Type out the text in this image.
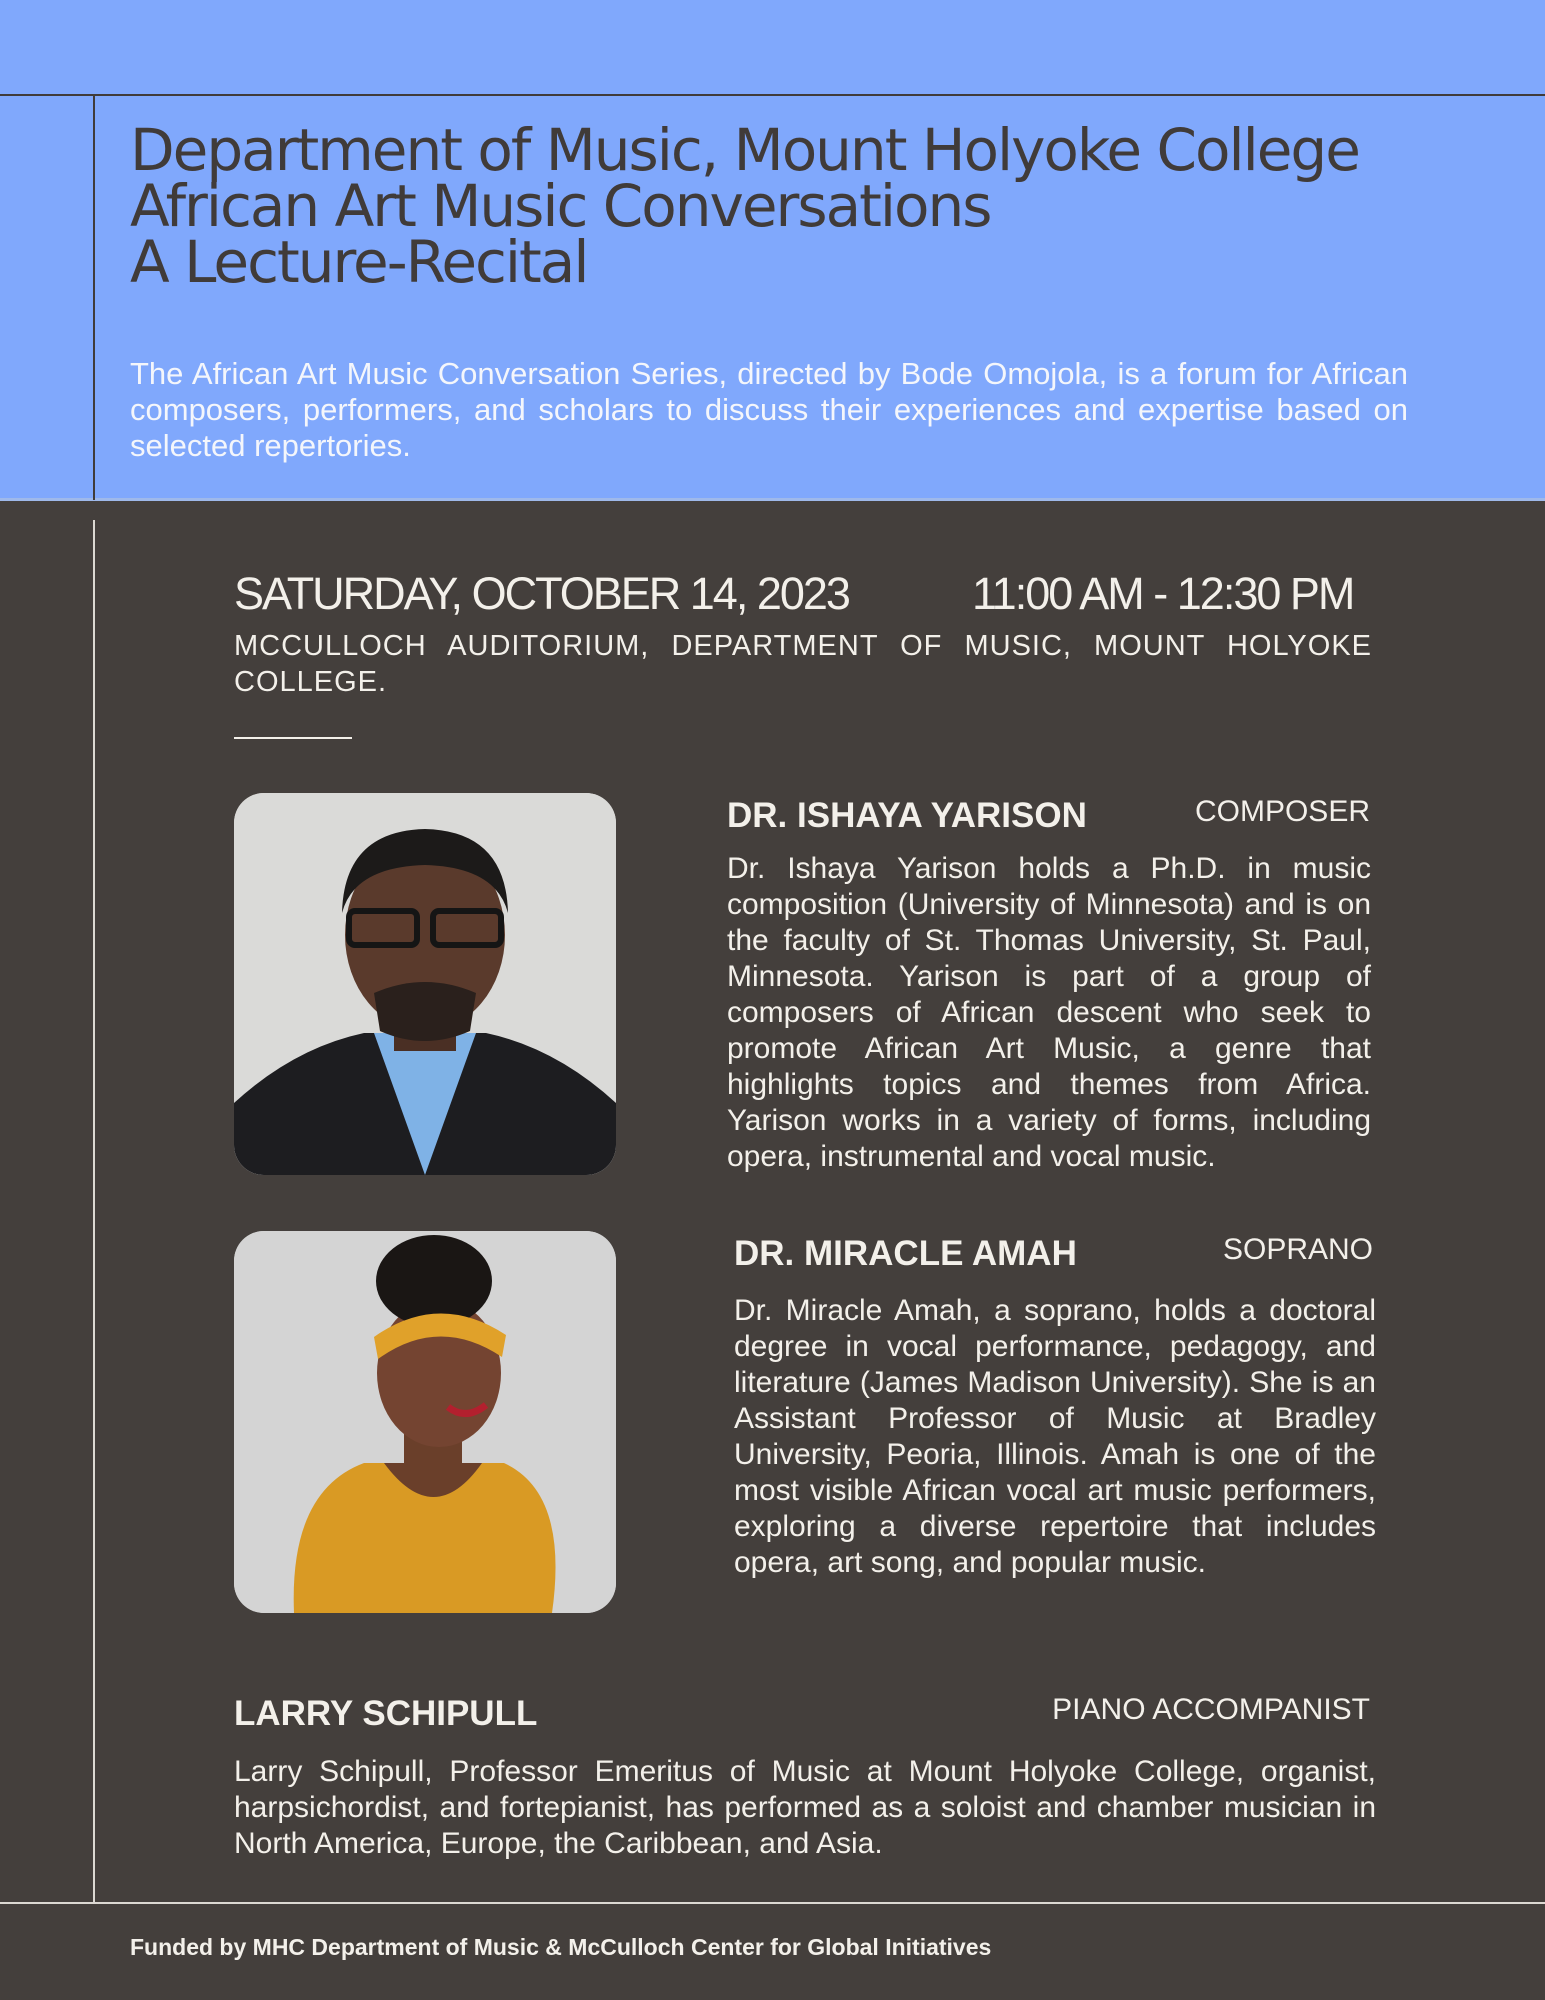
Department of Music, Mount Holyoke College
African Art Music Conversations
A Lecture-Recital

The African Art Music Conversation Series, directed by Bode Omojola, is a forum for African composers, performers, and scholars to discuss their experiences and expertise based on selected repertories.

SATURDAY, OCTOBER 14, 2023	11:00 AM - 12:30 PM

MCCULLOCH AUDITORIUM, DEPARTMENT OF MUSIC, MOUNT HOLYOKE COLLEGE.

DR. ISHAYA YARISON	COMPOSER

Dr. Ishaya Yarison holds a Ph.D. in music composition (University of Minnesota) and is on the faculty of St. Thomas University, St. Paul, Minnesota. Yarison is part of a group of composers of African descent who seek to promote African Art Music, a genre that highlights topics and themes from Africa. Yarison works in a variety of forms, including opera, instrumental and vocal music.

DR. MIRACLE AMAH	SOPRANO

Dr. Miracle Amah, a soprano, holds a doctoral degree in vocal performance, pedagogy, and literature (James Madison University). She is an Assistant Professor of Music at Bradley University, Peoria, Illinois. Amah is one of the most visible African vocal art music performers, exploring a diverse repertoire that includes opera, art song, and popular music.

LARRY SCHIPULL	PIANO ACCOMPANIST

Larry Schipull, Professor Emeritus of Music at Mount Holyoke College, organist, harpsichordist, and fortepianist, has performed as a soloist and chamber musician in North America, Europe, the Caribbean, and Asia.

Funded by MHC Department of Music & McCulloch Center for Global Initiatives
